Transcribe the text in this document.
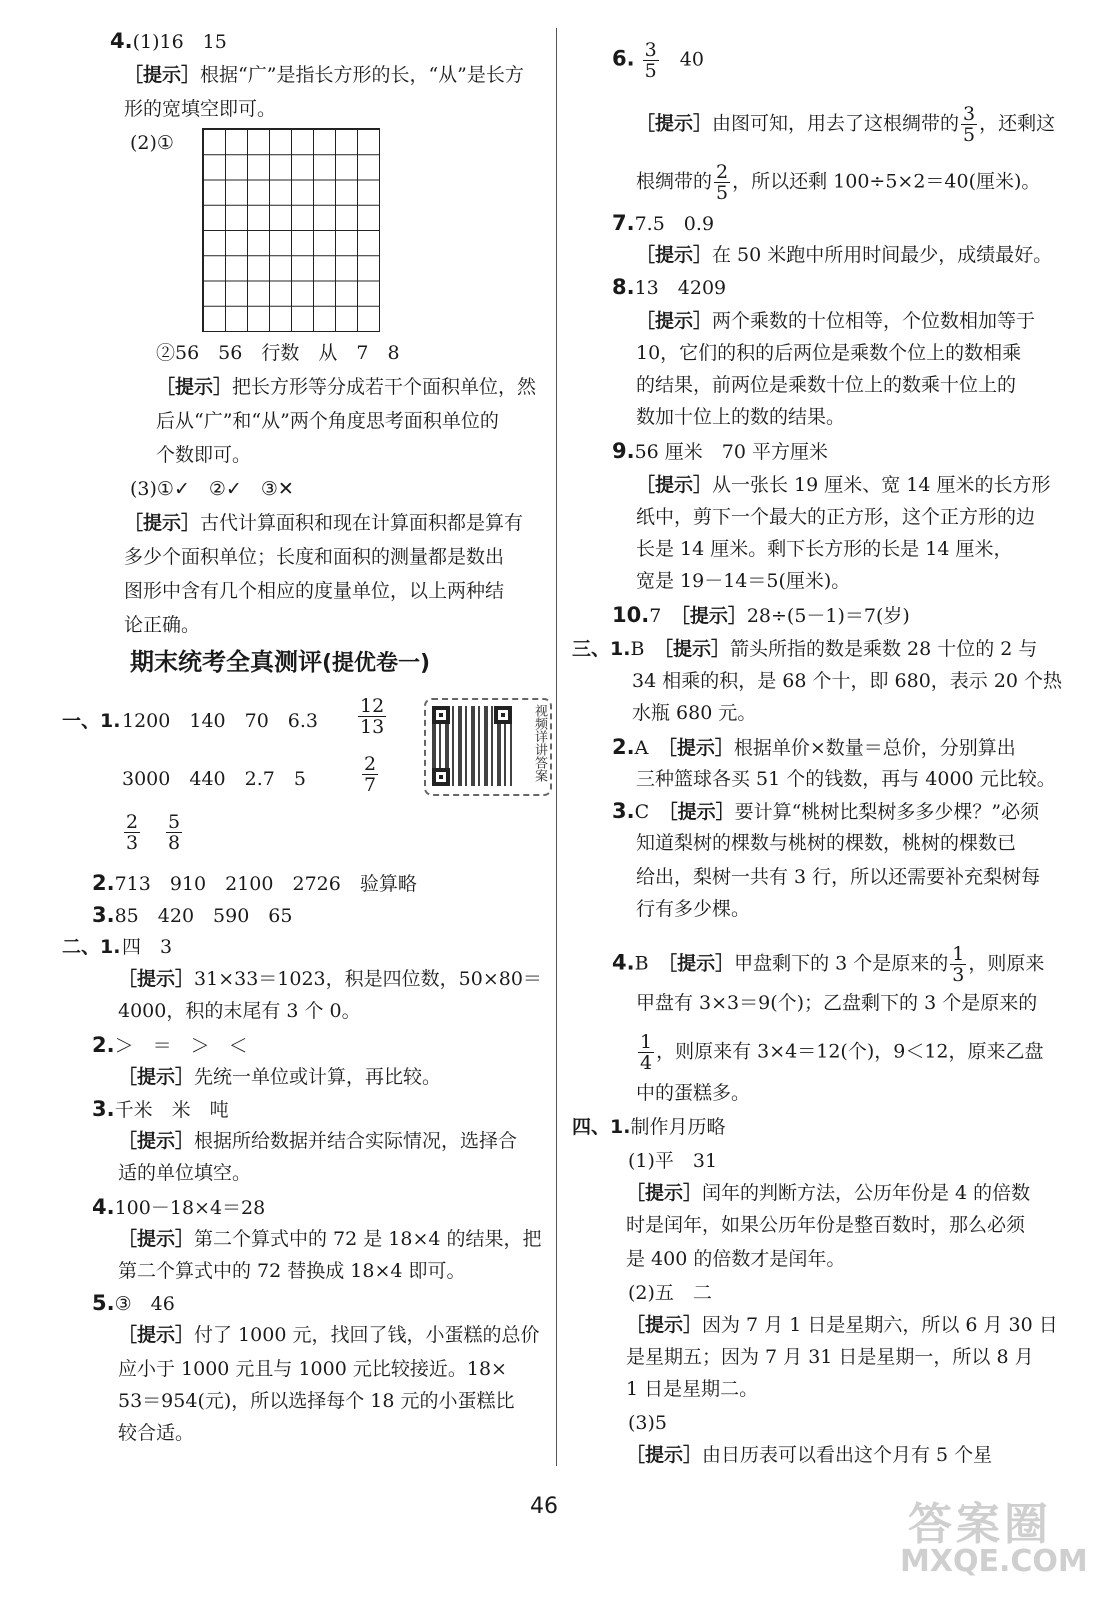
4.(1)16　15
［提示］根据“广”是指长方形的长，“从”是长方
形的宽填空即可。
(2)①
②56　56　行数　从　7　8
［提示］把长方形等分成若干个面积单位，然
后从“广”和“从”两个角度思考面积单位的
个数即可。
(3)①✓　②✓　③✕
［提示］古代计算面积和现在计算面积都是算有
多少个面积单位；长度和面积的测量都是数出
图形中含有几个相应的度量单位，以上两种结
论正确。
期末统考全真测评(提优卷一)
一、1. 1200　140　70　$6.3 \frac{12}{13}$
3000　440　2.7　5	$\frac{2}{7}$
$\frac{2}{3} \frac{5}{8}$
视频详讲答案
2.713　910　2100　2726　验算略
3.85　420　590　65
二、1. 四　3
［提示］31×33＝1023，积是四位数，50×80＝
4000，积的末尾有 3 个 0。
2.＞　＝　＞　＜
［提示］先统一单位或计算，再比较。
3.千米　米　吨
［提示］根据所给数据并结合实际情况，选择合
适的单位填空。
4.100－18×4＝28
［提示］第二个算式中的 72 是 18×4 的结果，把
第二个算式中的 72 替换成 18×4 即可。
5.③　46
［提示］付了 1000 元，找回了钱，小蛋糕的总价
应小于 1000 元且与 1000 元比较接近。18×
53＝954(元)，所以选择每个 18 元的小蛋糕比
较合适。
6. $\frac{3}{5}$
　 40
［提示］由图可知，用去了这根绸带的 $\frac{3}{5}$ ，还剩这
根绸带的 $\frac{2}{5}$ ，所以还剩 100÷5×2＝40(厘米)。
7.7.5　0.9
［提示］在 50 米跑中所用时间最少，成绩最好。
8.13　4209
［提示］两个乘数的十位相等，个位数相加等于
10，它们的积的后两位是乘数个位上的数相乘
的结果，前两位是乘数十位上的数乘十位上的
数加十位上的数的结果。
9.56 厘米　70 平方厘米
［提示］从一张长 19 厘米、宽 14 厘米的长方形
纸中，剪下一个最大的正方形，这个正方形的边
长是 14 厘米。剩下长方形的长是 14 厘米，
宽是 19－14＝5(厘米)。
10.7　 ［提示］28÷(5－1)＝7(岁)
三、1.B　 ［提示］箭头所指的数是乘数 28 十位的 2 与
34 相乘的积，是 68 个十，即 680，表示 20 个热
水瓶 680 元。
2.A　 ［提示］根据单价×数量＝总价，分别算出
三种篮球各买 51 个的钱数，再与 4000 元比较。
3.C　 ［提示］要计算“桃树比梨树多多少棵？”必须
知道梨树的棵数与桃树的棵数，桃树的棵数已
给出，梨树一共有 3 行，所以还需要补充梨树每
行有多少棵。
4.B　 ［提示］甲盘剩下的 3 个是原来的 $\frac{1}{3}$ ，则原来
甲盘有 3×3＝9(个)；乙盘剩下的 3 个是原来的
$\frac{1}{4}$ ，则原来有 3×4＝12(个)，9＜12，原来乙盘
中的蛋糕多。
四、1.制作月历略
(1)平　31
［提示］闰年的判断方法，公历年份是 4 的倍数
时是闰年，如果公历年份是整百数时，那么必须
是 400 的倍数才是闰年。
(2)五　二
［提示］因为 7 月 1 日是星期六，所以 6 月 30 日
是星期五；因为 7 月 31 日是星期一，所以 8 月
1 日是星期二。
(3)5
［提示］由日历表可以看出这个月有 5 个星
46	答案圈
MXQE.COM
